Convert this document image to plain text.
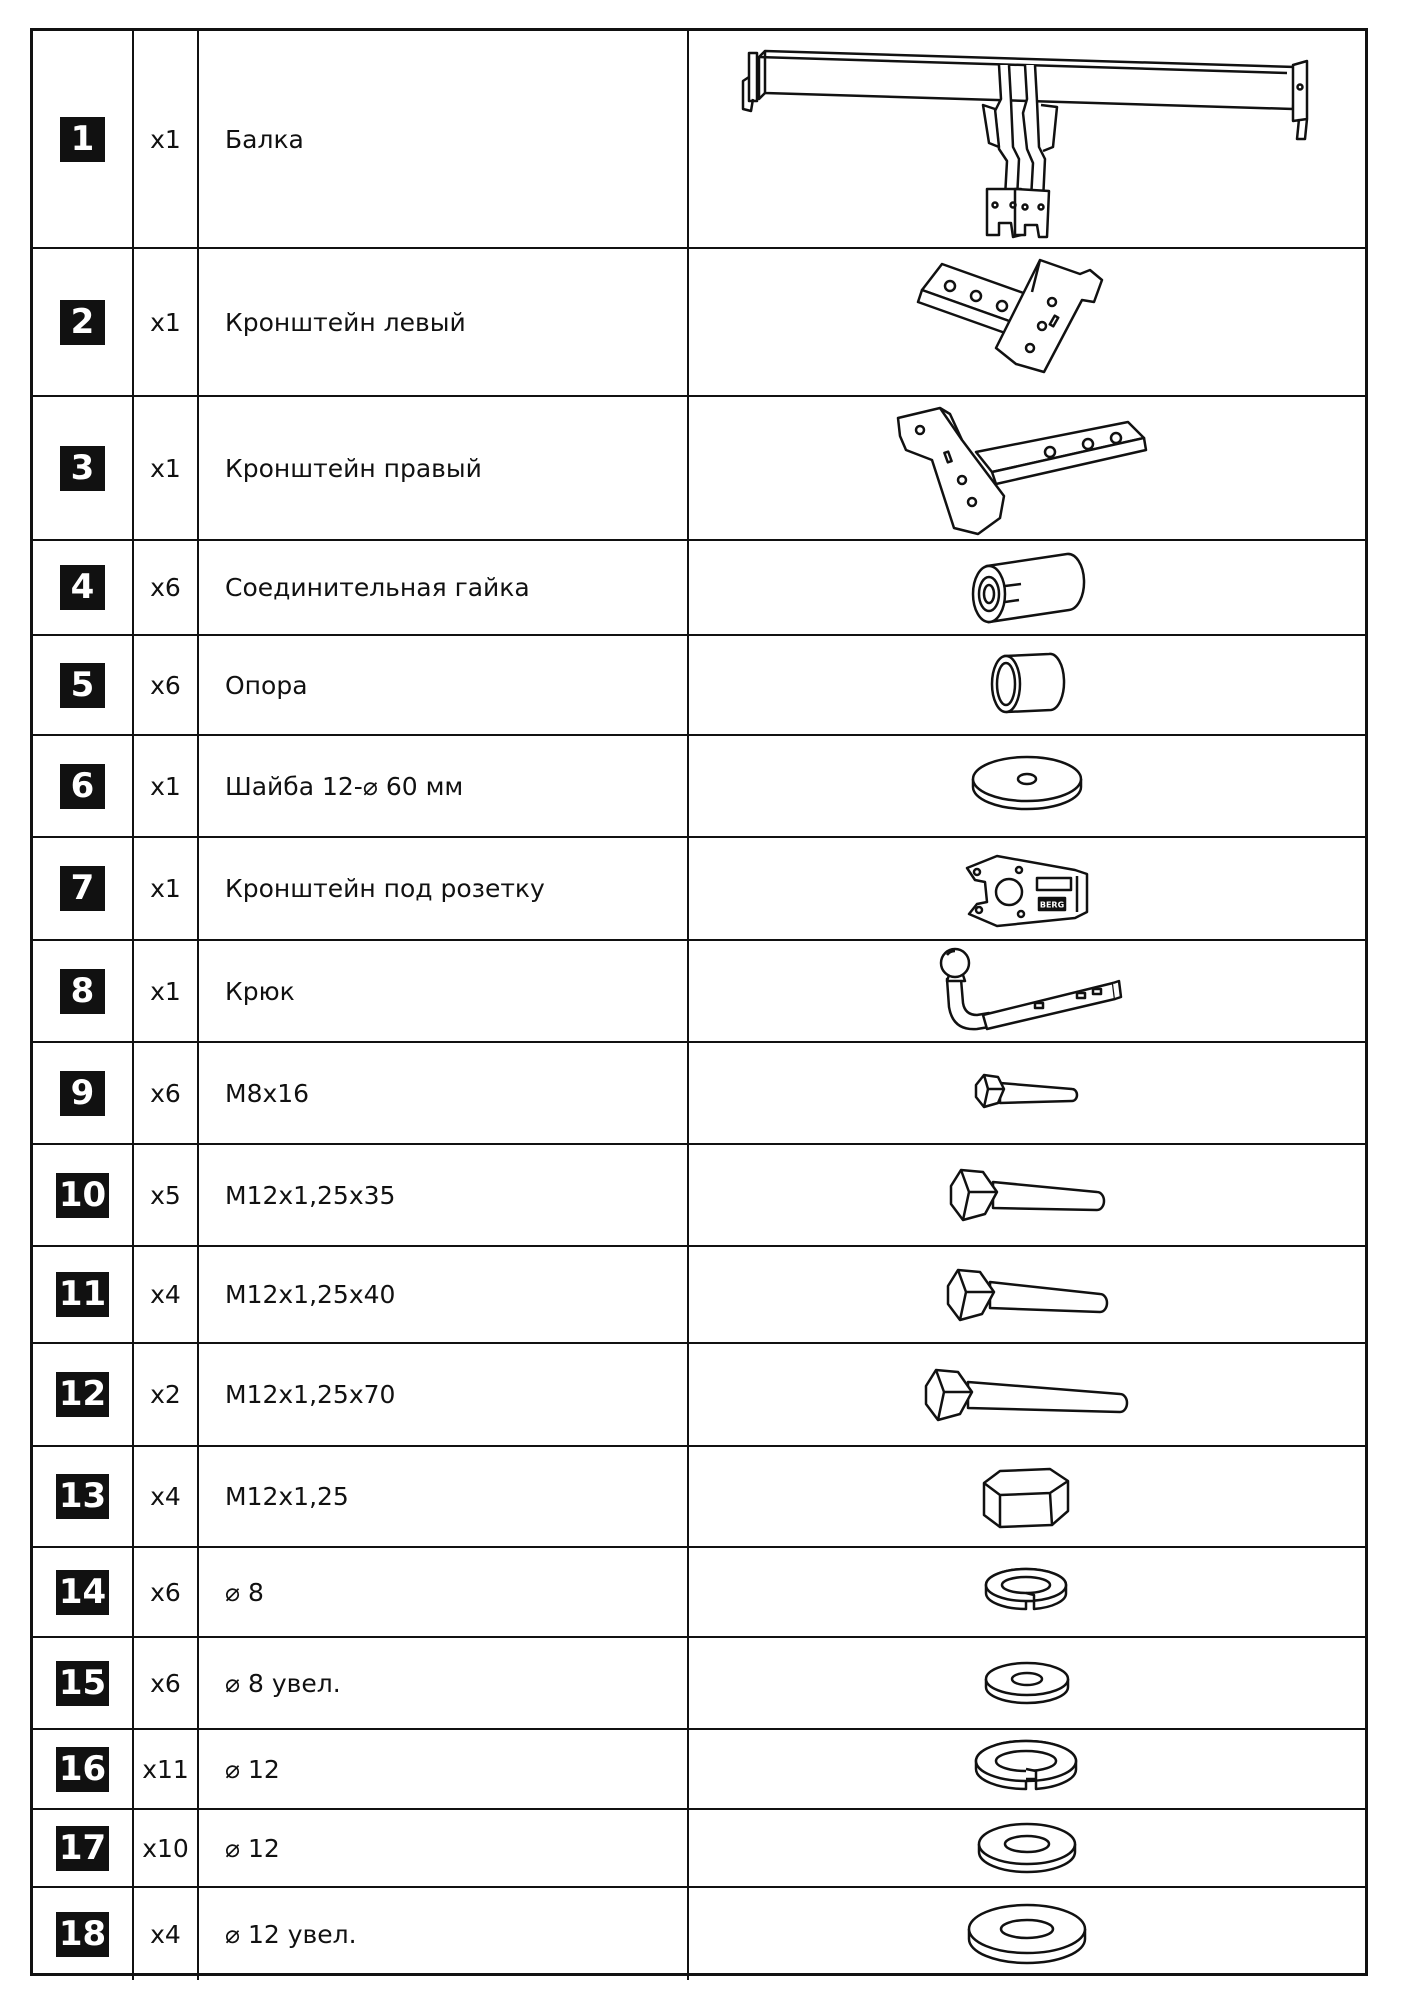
1	x1	Балка	

2	x1	Кронштейн левый	

3	x1	Кронштейн правый	

4	x6	Соединительная гайка	

5	x6	Опора	

6	x1	Шайба 12-⌀ 60 мм	

7	x1	Кронштейн под розетку	BERG

8	x1	Крюк	

9	x6	M8x16	

10	x5	M12x1,25x35	

11	x4	M12x1,25x40	

12	x2	M12x1,25x70	

13	x4	M12x1,25	

14	x6	⌀ 8	

15	x6	⌀ 8 увел.	

16	x11	⌀ 12	

17	x10	⌀ 12	

18	x4	⌀ 12 увел.	
